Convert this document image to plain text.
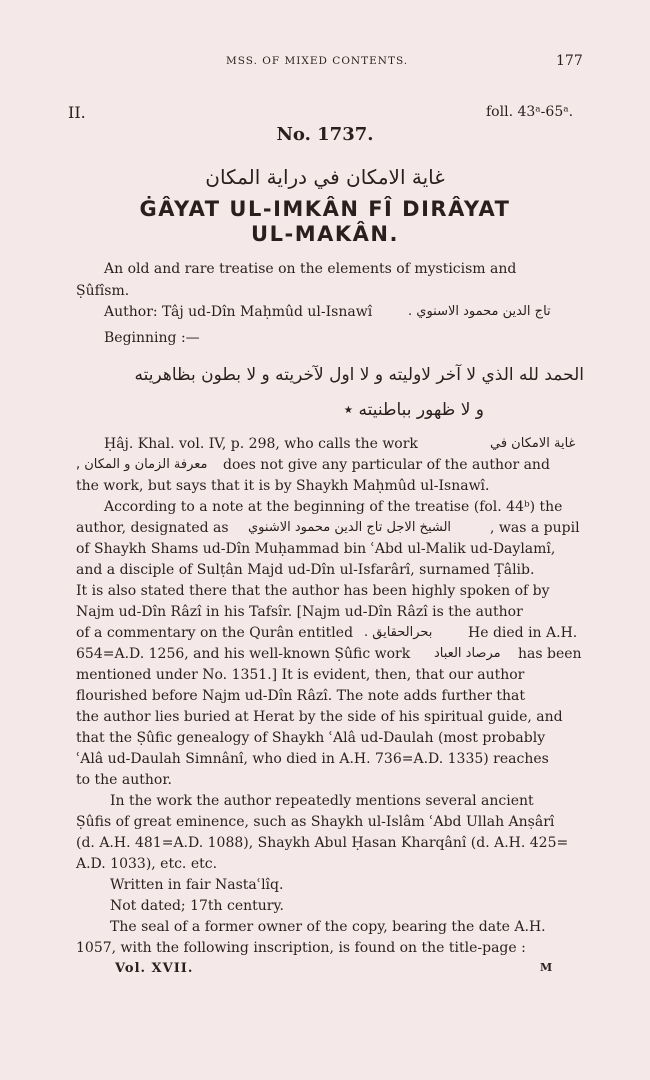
MSS. OF MIXED CONTENTS.	177
II.	foll. 43ᵃ-65ᵃ.
No. 1737.
غاية الامكان في دراية المكان
ĠÂYAT UL-IMKÂN FÎ DIRÂYAT
UL-MAKÂN.
An old and rare treatise on the elements of mysticism and
Ṣûfîsm.
Author: Tâj ud-Dîn Maḥmûd ul-Isnawî	تاج الدين محمود الاسنوي .
Beginning :—
الحمد لله الذي لا آخر لاوليته و لا اول لآخريته و لا بطون بظاهريته
و لا ظهور بباطنيته ٭
Ḥâj. Khal. vol. IV, p. 298, who calls the work	غاية الامكان في
معرفة الزمان و المكان , does not give any particular of the author and
the work, but says that it is by Shaykh Maḥmûd ul-Isnawî.
According to a note at the beginning of the treatise (fol. 44ᵇ) the
author, designated as الشيخ الاجل تاج الدين محمود الاشنوي	, was a pupil
of Shaykh Shams ud-Dîn Muḥammad bin ʿAbd ul-Malik ud-Daylamî,
and a disciple of Sulṭân Majd ud-Dîn ul-Isfarârî, surnamed Ṭâlib.
It is also stated there that the author has been highly spoken of by
Najm ud-Dîn Râzî in his Tafsîr. [Najm ud-Dîn Râzî is the author
of a commentary on the Qurân entitled بحرالحقايق .	He died in A.H.
654=A.D. 1256, and his well-known Ṣûfic work مرصاد العباد has been
mentioned under No. 1351.] It is evident, then, that our author
flourished before Najm ud-Dîn Râzî. The note adds further that
the author lies buried at Herat by the side of his spiritual guide, and
that the Ṣûfic genealogy of Shaykh ʿAlâ ud-Daulah (most probably
ʿAlâ ud-Daulah Simnânî, who died in A.H. 736=A.D. 1335) reaches
to the author.
In the work the author repeatedly mentions several ancient
Ṣûfis of great eminence, such as Shaykh ul-Islâm ʿAbd Ullah Anṣârî
(d. A.H. 481=A.D. 1088), Shaykh Abul Ḥasan Kharqânî (d. A.H. 425=
A.D. 1033), etc. etc.
Written in fair Nastaʿlîq.
Not dated; 17th century.
The seal of a former owner of the copy, bearing the date A.H.
1057, with the following inscription, is found on the title-page :
Vol. XVII.	M
